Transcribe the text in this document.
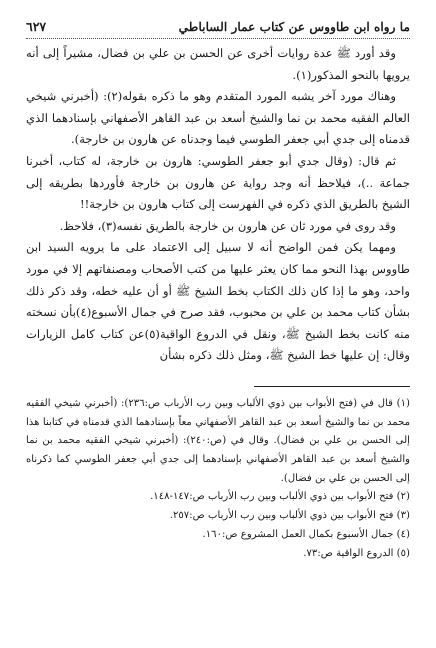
ما رواه ابن طاووس عن كتاب عمار الساباطي
٦٢٧

وقد أورد ﷺ عدة روايات أخرى عن الحسن بن علي بن فضال، مشيراً إلى أنه يرويها بالنحو المذكور(١).

وهناك مورد آخر يشبه المورد المتقدم وهو ما ذكره بقوله(٢): (أخبرني شيخي العالم الفقيه محمد بن نما والشيخ أسعد بن عبد القاهر الأصفهاني بإسنادهما الذي قدمناه إلى جدي أبي جعفر الطوسي فيما وجدناه عن هارون بن خارجة).

ثم قال: (وقال جدي أبو جعفر الطوسي: هارون بن خارجة، له كتاب، أخبرنا جماعة ..)، فيلاحظ أنه وجد رواية عن هارون بن خارجة فأوردها بطريقه إلى الشيخ بالطريق الذي ذكره في الفهرست إلى كتاب هارون بن خارجة!!

وقد روى في مورد ثان عن هارون بن خارجة بالطريق نفسه(٣)، فلاحظ.

ومهما يكن فمن الواضح أنه لا سبيل إلى الاعتماد على ما يرويه السيد ابن طاووس بهذا النحو مما كان يعثر عليها من كتب الأصحاب ومصنفاتهم إلا في مورد واحد، وهو ما إذا كان ذلك الكتاب بخط الشيخ ﷺ أو أن عليه خطه، وقد ذكر ذلك بشأن كتاب محمد بن علي بن محبوب، فقد صرح في جمال الأسبوع(٤)بأن نسخته منه كانت بخط الشيخ ﷺ، ونقل في الدروع الواقية(٥)عن كتاب كامل الزيارات وقال: إن عليها خط الشيخ ﷺ، ومثل ذلك ذكره بشأن

(١) قال في (فتح الأبواب بين ذوي الألباب وبين رب الأرباب ص:٢٣٦): (أخبرني شيخي الفقيه محمد بن نما والشيخ أسعد بن عبد القاهر الأصفهاني معاً بإسنادهما الذي قدمناه في كتابنا هذا إلى الحسن بن علي بن فضال). وقال في (ص:٢٤٠): (أخبرني شيخي الفقيه محمد بن نما والشيخ أسعد بن عبد القاهر الأصفهاني بإسنادهما إلى جدي أبي جعفر الطوسي كما ذكرناه إلى الحسن بن علي بن فضال).

(٢) فتح الأبواب بين ذوي الألباب وبين رب الأرباب ص:١٤٧-١٤٨.

(٣) فتح الأبواب بين ذوي الألباب وبين رب الأرباب ص:٢٥٧.

(٤) جمال الأسبوع بكمال العمل المشروع ص:١٦٠.

(٥) الدروع الواقية ص:٧٣.
